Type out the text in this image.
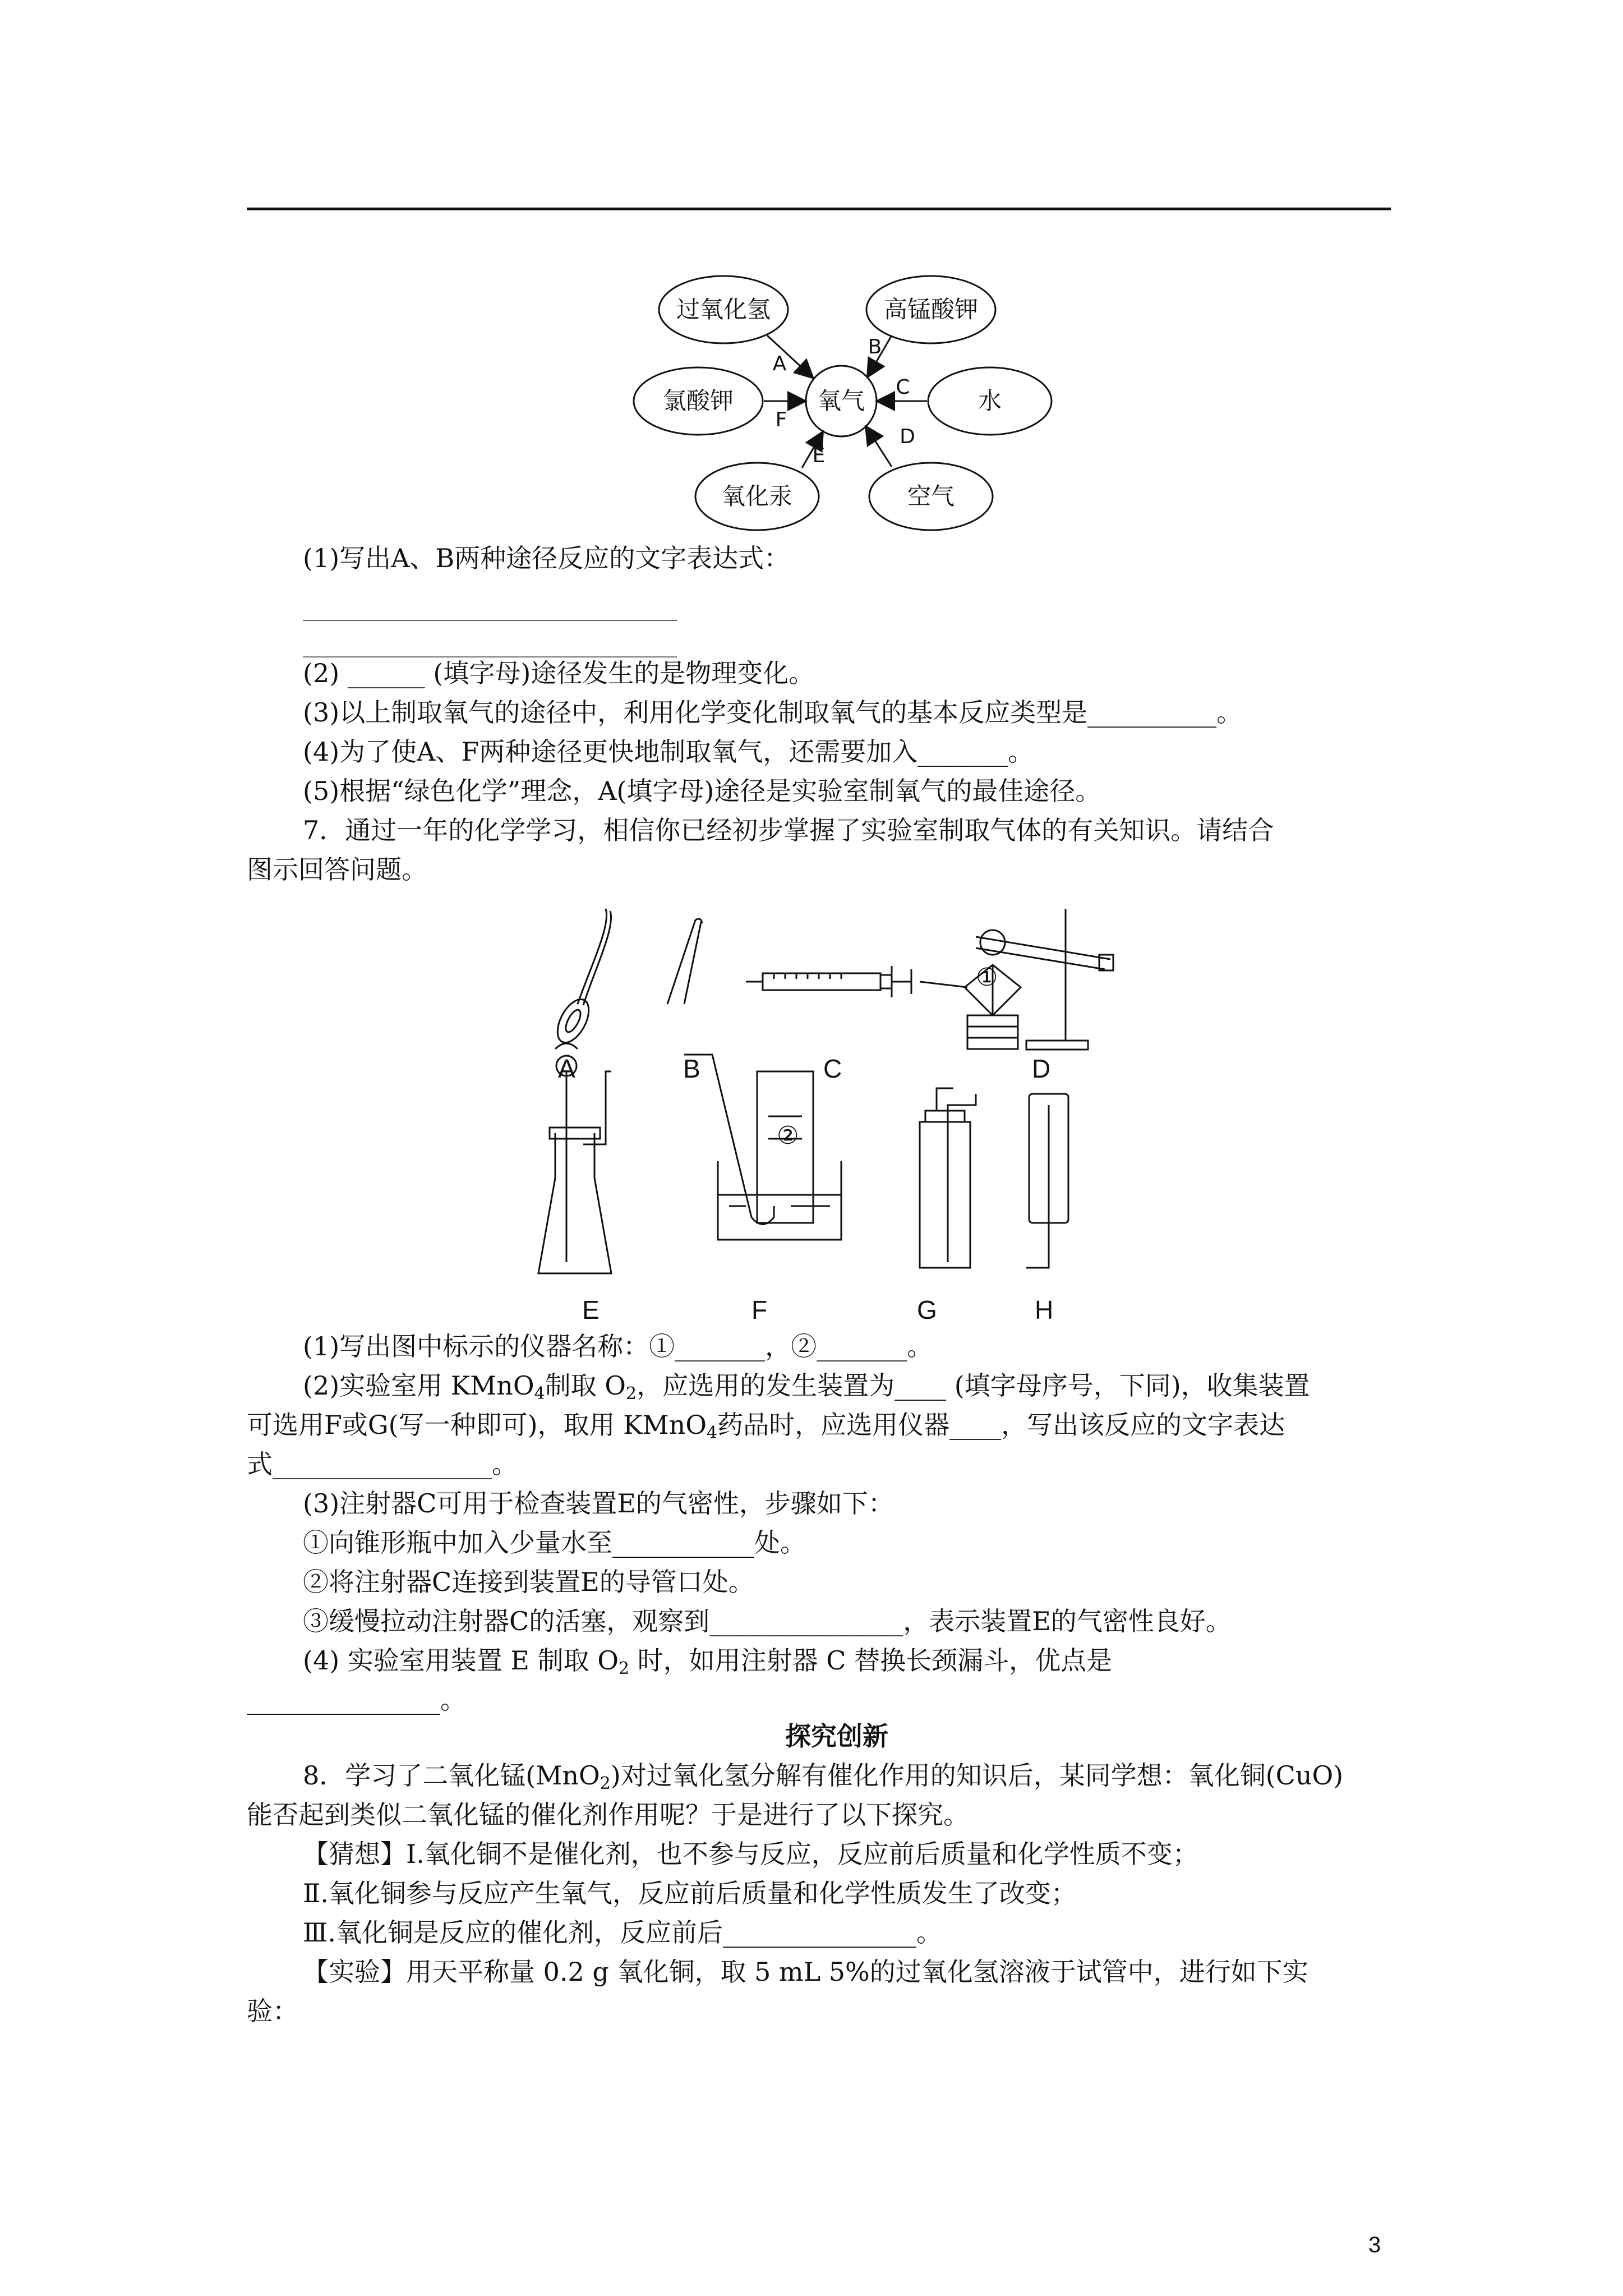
过氧化氢	高锰酸钾
氯酸钾	水
氧化汞	空气
氧气
A
B
C
F
E
D
(1)写出A、B两种途径反应的文字表达式：
_____________________________
_____________________________
(2) ______ (填字母)途径发生的是物理变化。
(3)以上制取氧气的途径中，利用化学变化制取氧气的基本反应类型是__________。
(4)为了使A、F两种途径更快地制取氧气，还需要加入_______。
(5)根据“绿色化学”理念，A(填字母)途径是实验室制氧气的最佳途径。
7．通过一年的化学学习，相信你已经初步掌握了实验室制取气体的有关知识。请结合
图示回答问题。
①
②
A	B	C	D
E	F	G	H
(1)写出图中标示的仪器名称：①_______，②_______。
(2)实验室用 KMnO4制取 O2，应选用的发生装置为____ (填字母序号，下同)，收集装置
可选用F或G(写一种即可)，取用 KMnO4药品时，应选用仪器____，写出该反应的文字表达
式_________________。
(3)注射器C可用于检查装置E的气密性，步骤如下：
①向锥形瓶中加入少量水至___________处。
②将注射器C连接到装置E的导管口处。
③缓慢拉动注射器C的活塞，观察到_______________，表示装置E的气密性良好。
(4) 实验室用装置 E 制取 O2 时，如用注射器 C 替换长颈漏斗，优点是
_______________。
探究创新
8．学习了二氧化锰(MnO2)对过氧化氢分解有催化作用的知识后，某同学想：氧化铜(CuO)
能否起到类似二氧化锰的催化剂作用呢？于是进行了以下探究。
【猜想】Ⅰ.氧化铜不是催化剂，也不参与反应，反应前后质量和化学性质不变；
Ⅱ.氧化铜参与反应产生氧气，反应前后质量和化学性质发生了改变；
Ⅲ.氧化铜是反应的催化剂，反应前后_______________。
【实验】用天平称量 0.2 g 氧化铜，取 5 mL 5%的过氧化氢溶液于试管中，进行如下实
验：
3
